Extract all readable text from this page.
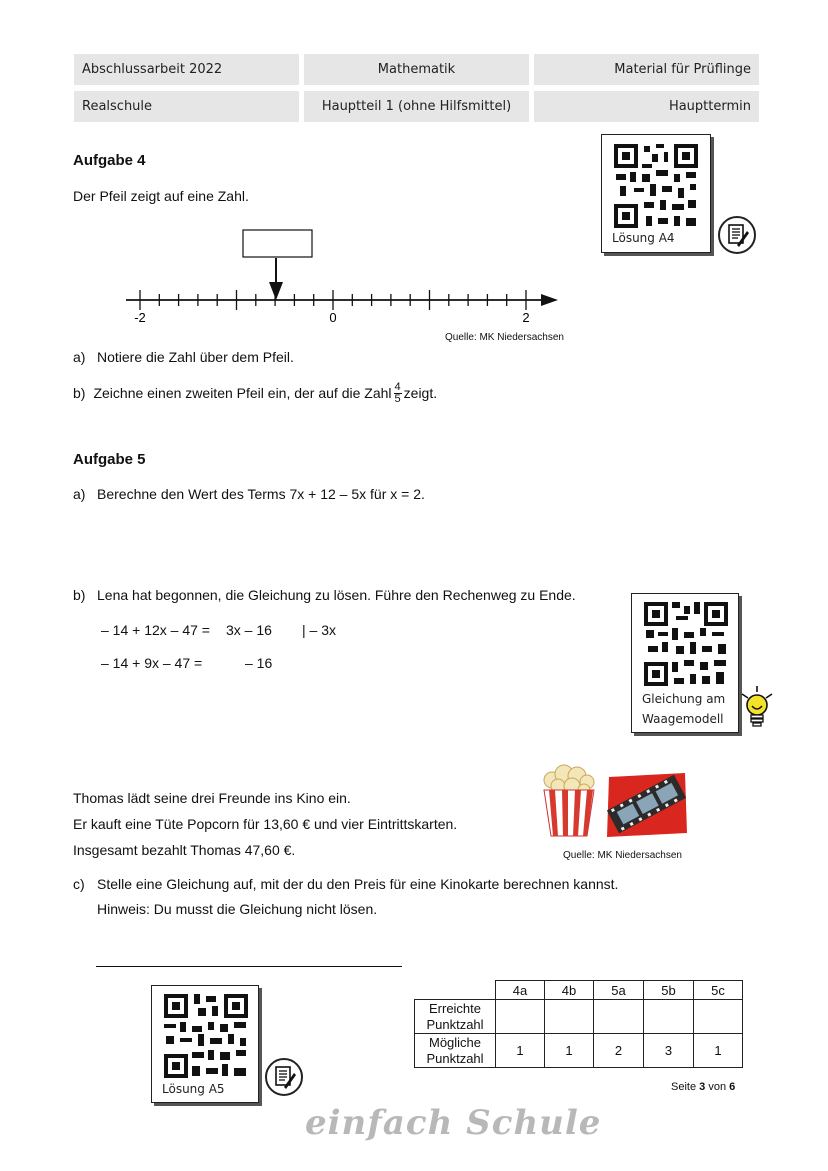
Abschlussarbeit 2022	Mathematik	Material für Prüflinge
Realschule	Hauptteil 1 (ohne Hilfsmittel)	Haupttermin
Aufgabe 4
Der Pfeil zeigt auf eine Zahl.
Lösung A4
-2	0	2
Quelle: MK Niedersachsen
a) Notiere die Zahl über dem Pfeil.
b) Zeichne einen zweiten Pfeil ein, der auf die Zahl $\frac{4}{5}$ zeigt.
Aufgabe 5
a) Berechne den Wert des Terms 7x + 12 – 5x für x = 2.
b) Lena hat begonnen, die Gleichung zu lösen. Führe den Rechenweg zu Ende.
– 14 + 12x – 47 = 3x – 16 | – 3x
– 14 + 9x – 47 =	– 16
Gleichung am
Waagemodell
Thomas lädt seine drei Freunde ins Kino ein.
Er kauft eine Tüte Popcorn für 13,60 € und vier Eintrittskarten.
Insgesamt bezahlt Thomas 47,60 €.	Quelle: MK Niedersachsen
c) Stelle eine Gleichung auf, mit der du den Preis für eine Kinokarte berechnen kannst.
Hinweis: Du musst die Gleichung nicht lösen.
Lösung A5
	4a	4b	5a	5b	5c

Erreichte
Punktzahl					

Mögliche
Punktzahl	1	1	2	3	1
Seite 3 von 6
einfach Schule
